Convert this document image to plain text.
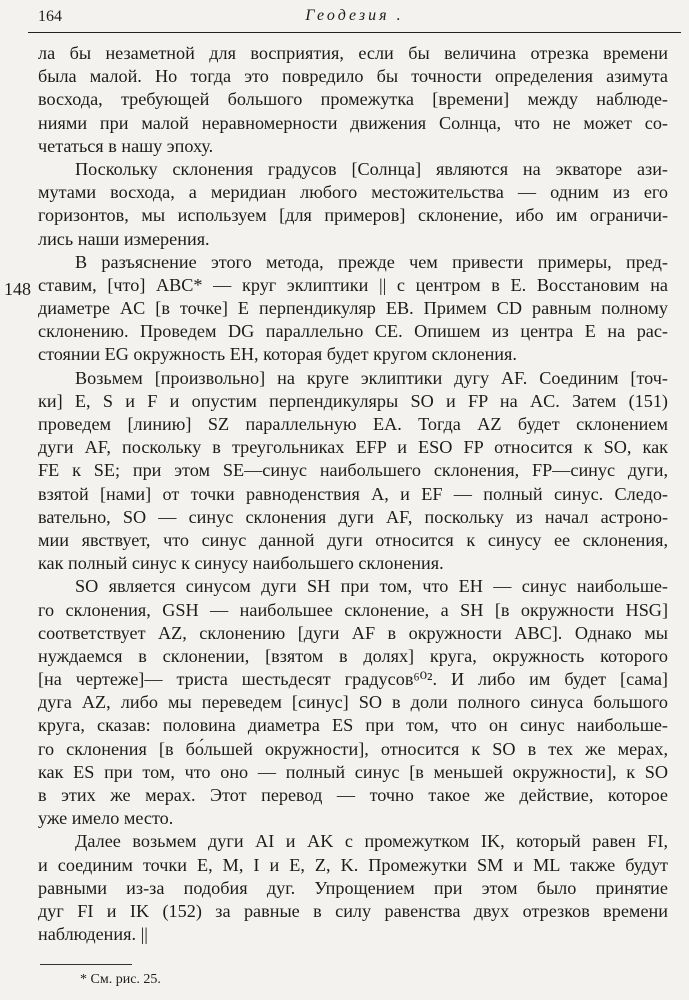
164	Геодезия .
148
ла бы незаметной для восприятия, если бы величина отрезка времени
была малой. Но тогда это повредило бы точности определения азимута
восхода, требующей большого промежутка [времени] между наблюде-
ниями при малой неравномерности движения Солнца, что не может со-
четаться в нашу эпоху.
Поскольку склонения градусов [Солнца] являются на экваторе ази-
мутами восхода, а меридиан любого местожительства — одним из его
горизонтов, мы используем [для примеров] склонение, ибо им ограничи-
лись наши измерения.
В разъяснение этого метода, прежде чем привести примеры, пред-
ставим, [что] ABC* — круг эклиптики || с центром в E. Восстановим на
диаметре AC [в точке] E перпендикуляр EB. Примем CD равным полному
склонению. Проведем DG параллельно CE. Опишем из центра E на рас-
стоянии EG окружность EH, которая будет кругом склонения.
Возьмем [произвольно] на круге эклиптики дугу AF. Соединим [точ-
ки] E, S и F и опустим перпендикуляры SO и FP на AC. Затем (151)
проведем [линию] SZ параллельную EA. Тогда AZ будет склонением
дуги AF, поскольку в треугольниках EFP и ESO FP относится к SO, как
FE к SE; при этом SE—синус наибольшего склонения, FP—синус дуги,
взятой [нами] от точки равноденствия A, и EF — полный синус. Следо-
вательно, SO — синус склонения дуги AF, поскольку из начал астроно-
мии явствует, что синус данной дуги относится к синусу ее склонения,
как полный синус к синусу наибольшего склонения.
SO является синусом дуги SH при том, что EH — синус наибольше-
го склонения, GSH — наибольшее склонение, а SH [в окружности HSG]
соответствует AZ, склонению [дуги AF в окружности ABC]. Однако мы
нуждаемся в склонении, [взятом в долях] круга, окружность которого
[на чертеже]— триста шестьдесят градусов⁶⁰². И либо им будет [сама]
дуга AZ, либо мы переведем [синус] SO в доли полного синуса большого
круга, сказав: половина диаметра ES при том, что он синус наибольше-
го склонения [в бо́льшей окружности], относится к SO в тех же мерах,
как ES при том, что оно — полный синус [в меньшей окружности], к SO
в этих же мерах. Этот перевод — точно такое же действие, которое
уже имело место.
Далее возьмем дуги AI и AK с промежутком IK, который равен FI,
и соединим точки E, M, I и E, Z, K. Промежутки SM и ML также будут
равными из-за подобия дуг. Упрощением при этом было принятие
дуг FI и IK (152) за равные в силу равенства двух отрезков времени
наблюдения. ||
* См. рис. 25.
